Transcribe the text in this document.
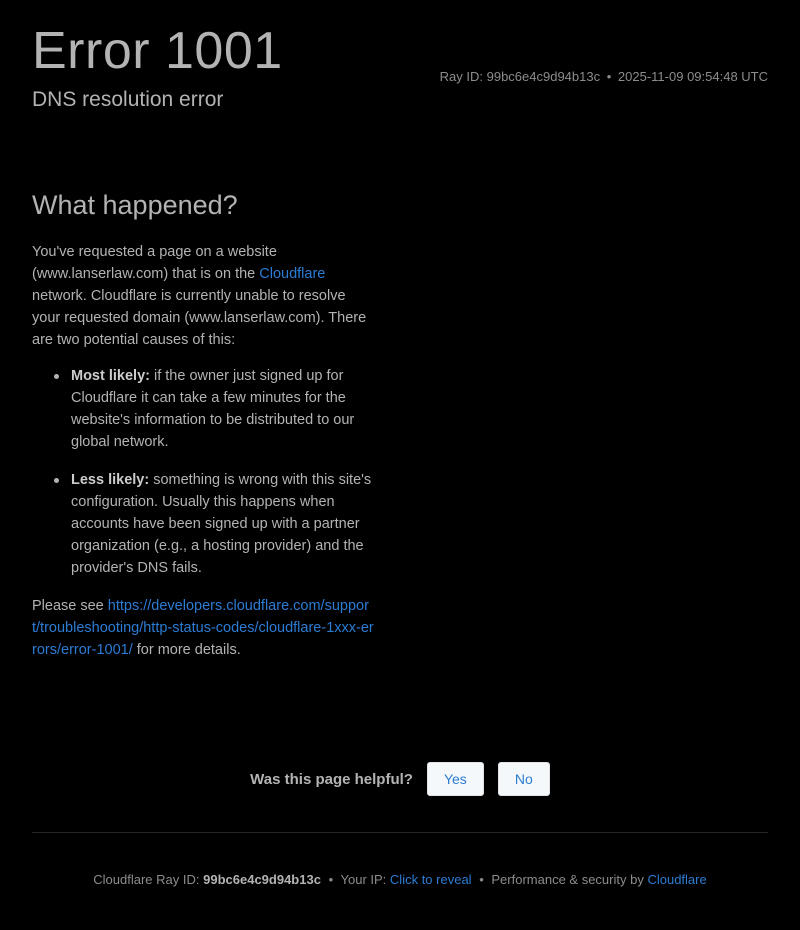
Error 1001
DNS resolution error
Ray ID: 99bc6e4c9d94b13c • 2025-11-09 09:54:48 UTC
What happened?

You've requested a page on a website (www.lanserlaw.com) that is on the Cloudflare network. Cloudflare is currently unable to resolve your requested domain (www.lanserlaw.com). There are two potential causes of this:

Most likely: if the owner just signed up for Cloudflare it can take a few minutes for the website's information to be distributed to our global network.
Less likely: something is wrong with this site's configuration. Usually this happens when accounts have been signed up with a partner organization (e.g., a hosting provider) and the provider's DNS fails.
Please see https://developers.cloudflare.com/support/troubleshooting/http-status-codes/cloudflare-1xxx-errors/error-1001/ for more details.
Was this page helpful?	Yes	No
Cloudflare Ray ID: 99bc6e4c9d94b13c • Your IP: Click to reveal • Performance & security by Cloudflare
